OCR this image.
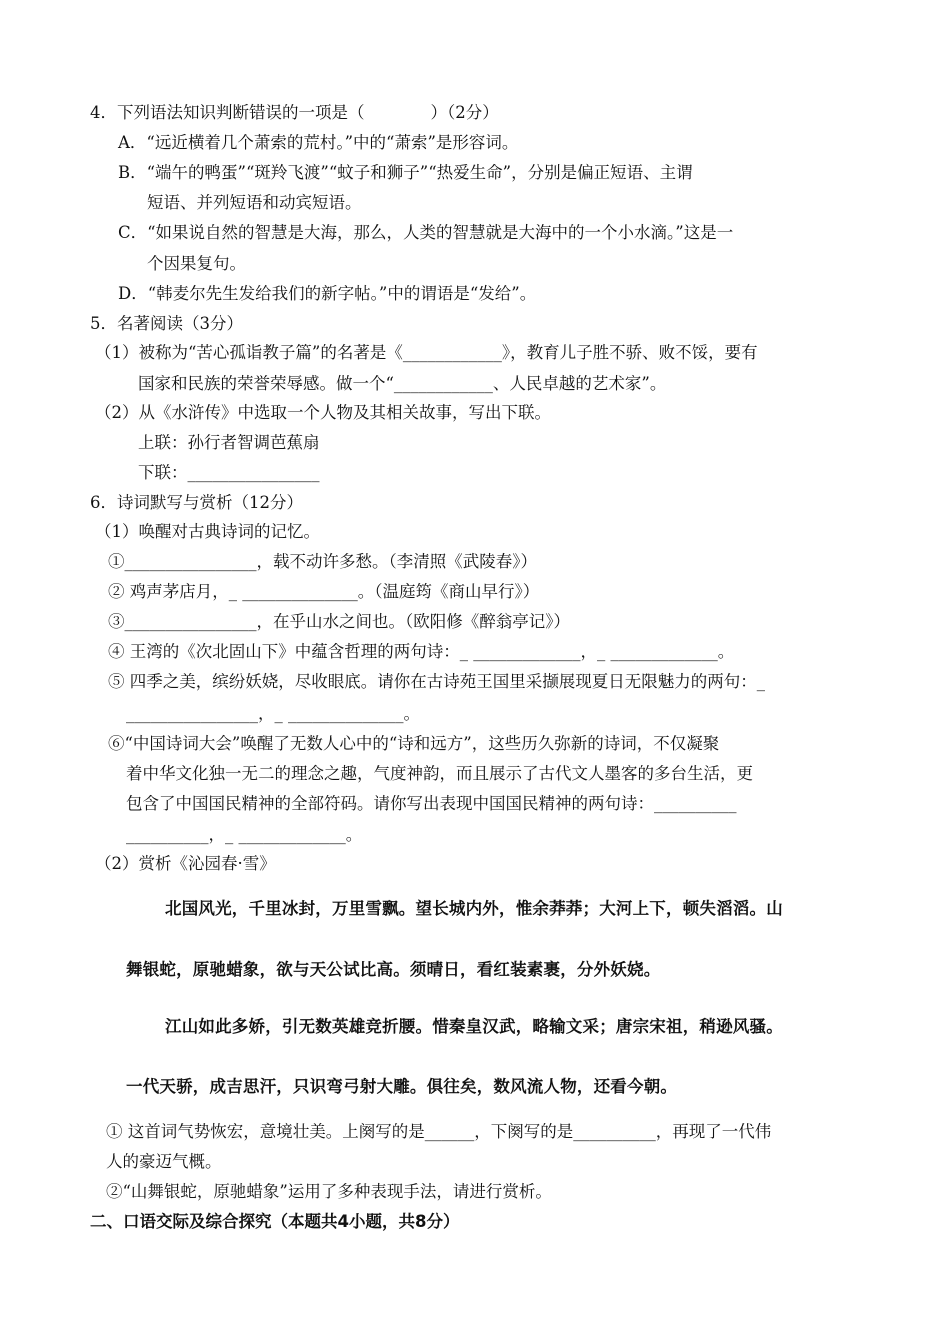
4．下列语法知识判断错误的一项是（　　　　）（2分）
A．“远近横着几个萧索的荒村。”中的“萧索”是形容词。
B．“端午的鸭蛋”“斑羚飞渡”“蚊子和狮子”“热爱生命”，分别是偏正短语、主谓
短语、并列短语和动宾短语。
C．“如果说自然的智慧是大海，那么，人类的智慧就是大海中的一个小水滴。”这是一
个因果复句。
D．“韩麦尔先生发给我们的新字帖。”中的谓语是“发给”。
5．名著阅读（3分）
（1）被称为“苦心孤诣教子篇”的名著是《____________》，教育儿子胜不骄、败不馁，要有
国家和民族的荣誉荣辱感。做一个“____________、人民卓越的艺术家”。
（2）从《水浒传》中选取一个人物及其相关故事，写出下联。
上联：孙行者智调芭蕉扇
下联：________________
6．诗词默写与赏析（12分）
（1）唤醒对古典诗词的记忆。
①________________，载不动许多愁。（李清照《武陵春》）
② 鸡声茅店月，_ ______________。（温庭筠《商山早行》）
③________________，在乎山水之间也。（欧阳修《醉翁亭记》）
④ 王湾的《次北固山下》中蕴含哲理的两句诗：_ _____________，_ _____________。
⑤ 四季之美，缤纷妖娆，尽收眼底。请你在古诗苑王国里采撷展现夏日无限魅力的两句：_
________________，_ ______________。
⑥“中国诗词大会”唤醒了无数人心中的“诗和远方”，这些历久弥新的诗词，不仅凝聚
着中华文化独一无二的理念之趣，气度神韵，而且展示了古代文人墨客的多台生活，更
包含了中国国民精神的全部符码。请你写出表现中国国民精神的两句诗：__________
__________，_ _____________。
（2）赏析《沁园春·雪》
北国风光，千里冰封，万里雪飘。望长城内外，惟余莽莽；大河上下，顿失滔滔。山
舞银蛇，原驰蜡象，欲与天公试比高。须晴日，看红装素裹，分外妖娆。
江山如此多娇，引无数英雄竞折腰。惜秦皇汉武，略输文采；唐宗宋祖，稍逊风骚。
一代天骄，成吉思汗，只识弯弓射大雕。俱往矣，数风流人物，还看今朝。
① 这首词气势恢宏，意境壮美。上阕写的是______，下阕写的是__________，再现了一代伟
人的豪迈气概。
②“山舞银蛇，原驰蜡象”运用了多种表现手法，请进行赏析。
二、口语交际及综合探究（本题共4小题，共8分）
